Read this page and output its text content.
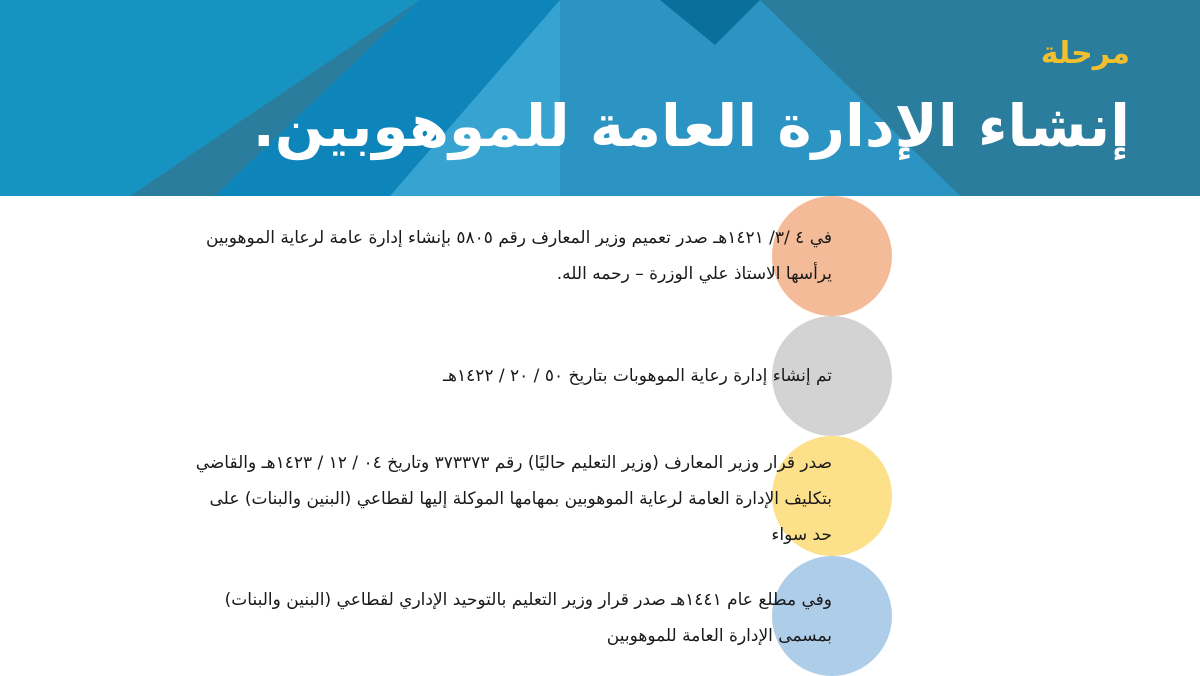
مرحلة
إنشاء الإدارة العامة للموهوبين.
في ٤ /٣/ ١٤٢١هـ صدر تعميم وزير المعارف رقم ٥٨٠٥ بإنشاء إدارة عامة لرعاية الموهوبين يرأسها الاستاذ علي الوزرة – رحمه الله.
تم إنشاء إدارة رعاية الموهوبات بتاريخ ٥٠ / ٢٠ / ١٤٢٢هـ
صدر قرار وزير المعارف (وزير التعليم حاليًا) رقم ٣٧٣٣٧٣ وتاريخ ٠٤ / ١٢ / ١٤٢٣هـ والقاضي بتكليف الإدارة العامة لرعاية الموهوبين بمهامها الموكلة إليها لقطاعي (البنين والبنات) على حد سواء
وفي مطلع عام ١٤٤١هـ صدر قرار وزير التعليم بالتوحيد الإداري لقطاعي (البنين والبنات) بمسمى الإدارة العامة للموهوبين
